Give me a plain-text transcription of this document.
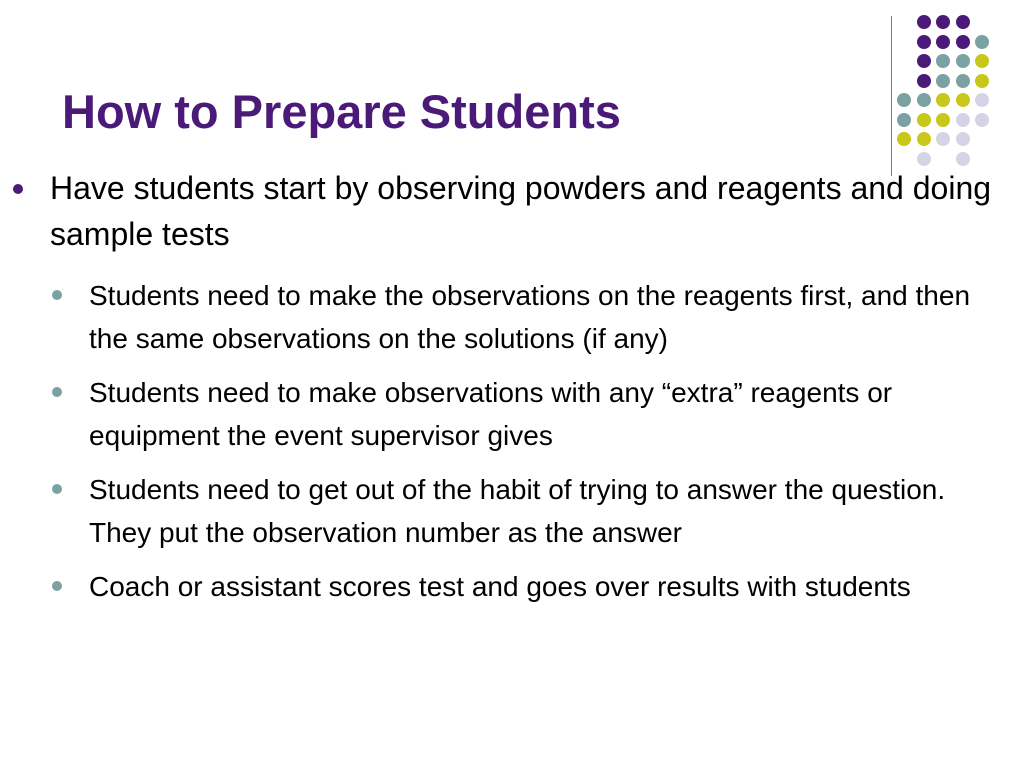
How to Prepare Students
Have students start by observing powders and reagents and doing sample tests
Students need to make the observations on the reagents first, and then the same observations on the solutions (if any)
Students need to make observations with any “extra” reagents or equipment the event supervisor gives
Students need to get out of the habit of trying to answer the question. They put the observation number as the answer
Coach or assistant scores test and goes over results with students
